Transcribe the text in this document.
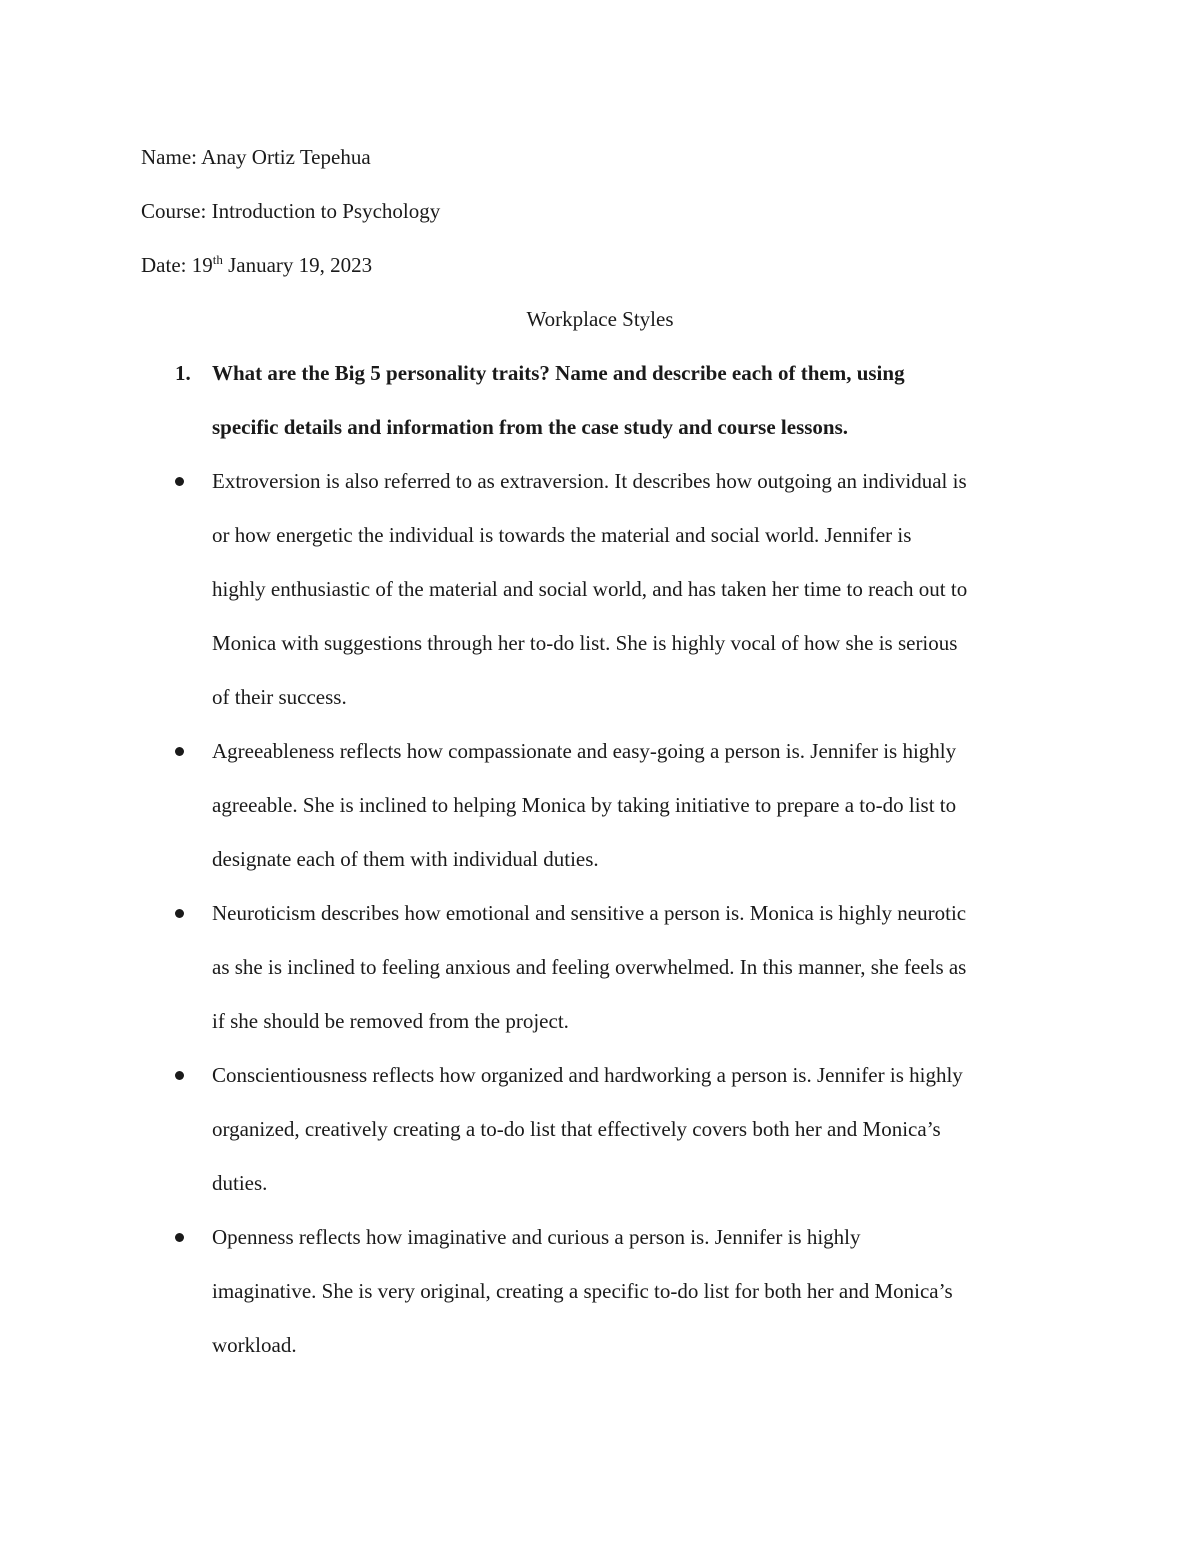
Name: Anay Ortiz Tepehua
Course: Introduction to Psychology
Date: 19th January 19, 2023
Workplace Styles
1. What are the Big 5 personality traits? Name and describe each of them, using
specific details and information from the case study and course lessons.
Extroversion is also referred to as extraversion. It describes how outgoing an individual is
or how energetic the individual is towards the material and social world. Jennifer is
highly enthusiastic of the material and social world, and has taken her time to reach out to
Monica with suggestions through her to-do list. She is highly vocal of how she is serious
of their success.
Agreeableness reflects how compassionate and easy-going a person is. Jennifer is highly
agreeable. She is inclined to helping Monica by taking initiative to prepare a to-do list to
designate each of them with individual duties.
Neuroticism describes how emotional and sensitive a person is. Monica is highly neurotic
as she is inclined to feeling anxious and feeling overwhelmed. In this manner, she feels as
if she should be removed from the project.
Conscientiousness reflects how organized and hardworking a person is. Jennifer is highly
organized, creatively creating a to-do list that effectively covers both her and Monica’s
duties.
Openness reflects how imaginative and curious a person is. Jennifer is highly
imaginative. She is very original, creating a specific to-do list for both her and Monica’s
workload.
